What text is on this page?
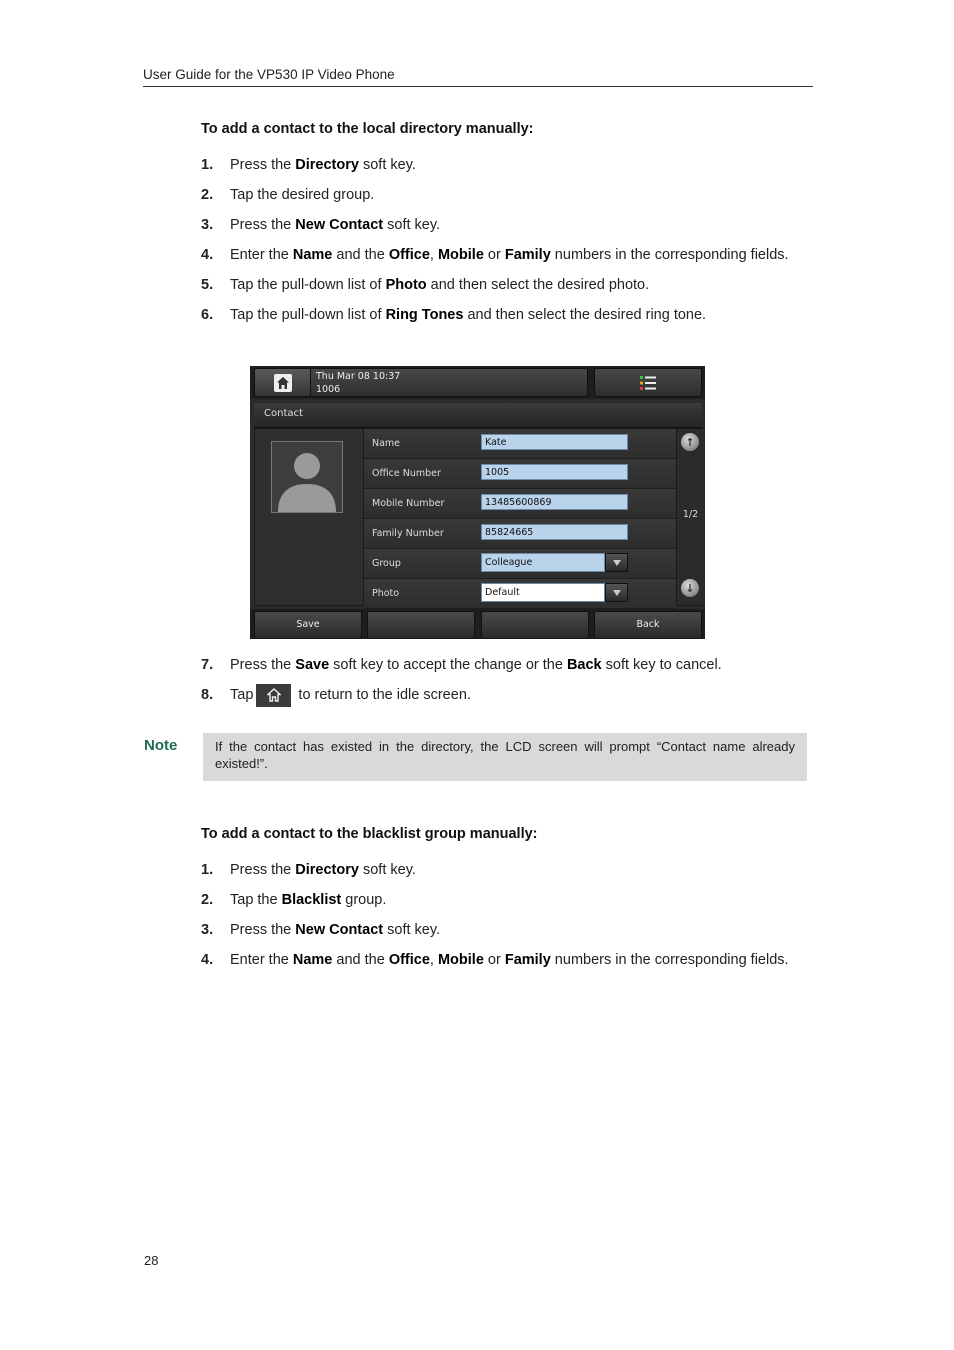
User Guide for the VP530 IP Video Phone
To add a contact to the local directory manually:
1. Press the Directory soft key.
2. Tap the desired group.
3. Press the New Contact soft key.
4. Enter the Name and the Office, Mobile or Family numbers in the corresponding fields.
5. Tap the pull-down list of Photo and then select the desired photo.
6. Tap the pull-down list of Ring Tones and then select the desired ring tone.
Thu Mar 08 10:37
1006
Contact
Name	Kate
Office Number	1005
Mobile Number	13485600869
Family Number	85824665
Group	Colleague
Photo	Default
↑
1/2
↓
Save	Back
7. Press the Save soft key to accept the change or the Back soft key to cancel.
8. Tap	to return to the idle screen.
Note	If the contact has existed in the directory, the LCD screen will prompt “Contact name already existed!”.
To add a contact to the blacklist group manually:
1. Press the Directory soft key.
2. Tap the Blacklist group.
3. Press the New Contact soft key.
4. Enter the Name and the Office, Mobile or Family numbers in the corresponding fields.
28
